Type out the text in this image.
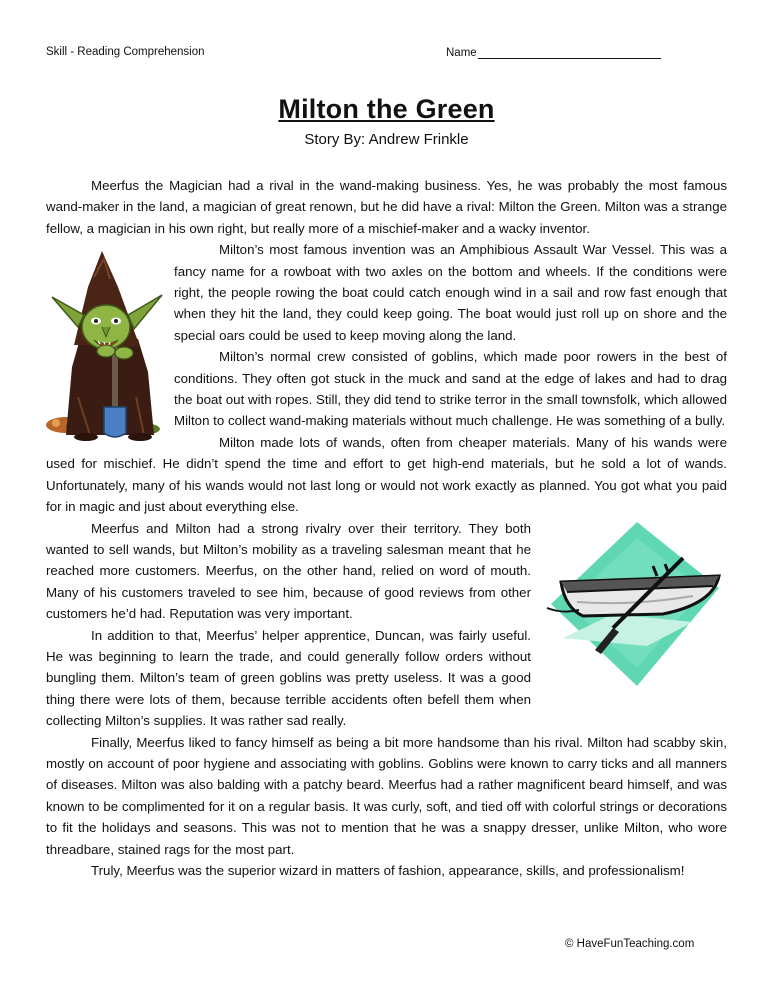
Skill - Reading Comprehension	Name
Milton the Green
Story By: Andrew Frinkle

Meerfus the Magician had a rival in the wand-making business. Yes, he was probably the most famous wand-maker in the land, a magician of great renown, but he did have a rival: Milton the Green. Milton was a strange fellow, a magician in his own right, but really more of a mischief-maker and a wacky inventor.

Milton’s most famous invention was an Amphibious Assault War Vessel. This was a fancy name for a rowboat with two axles on the bottom and wheels. If the conditions were right, the people rowing the boat could catch enough wind in a sail and row fast enough that when they hit the land, they could keep going. The boat would just roll up on shore and the special oars could be used to keep moving along the land.

Milton’s normal crew consisted of goblins, which made poor rowers in the best of conditions. They often got stuck in the muck and sand at the edge of lakes and had to drag the boat out with ropes. Still, they did tend to strike terror in the small townsfolk, which allowed Milton to collect wand-making materials without much challenge. He was something of a bully.

Milton made lots of wands, often from cheaper materials. Many of his wands were used for mischief. He didn’t spend the time and effort to get high-end materials, but he sold a lot of wands. Unfortunately, many of his wands would not last long or would not work exactly as planned. You got what you paid for in magic and just about everything else.

Meerfus and Milton had a strong rivalry over their territory. They both wanted to sell wands, but Milton’s mobility as a traveling salesman meant that he reached more customers. Meerfus, on the other hand, relied on word of mouth. Many of his customers traveled to see him, because of good reviews from other customers he’d had. Reputation was very important.

In addition to that, Meerfus’ helper apprentice, Duncan, was fairly useful. He was beginning to learn the trade, and could generally follow orders without bungling them. Milton’s team of green goblins was pretty useless. It was a good thing there were lots of them, because terrible accidents often befell them when collecting Milton’s supplies. It was rather sad really.

Finally, Meerfus liked to fancy himself as being a bit more handsome than his rival. Milton had scabby skin, mostly on account of poor hygiene and associating with goblins. Goblins were known to carry ticks and all manners of diseases. Milton was also balding with a patchy beard. Meerfus had a rather magnificent beard himself, and was known to be complimented for it on a regular basis. It was curly, soft, and tied off with colorful strings or decorations to fit the holidays and seasons. This was not to mention that he was a snappy dresser, unlike Milton, who wore threadbare, stained rags for the most part.

Truly, Meerfus was the superior wizard in matters of fashion, appearance, skills, and professionalism!

© HaveFunTeaching.com
